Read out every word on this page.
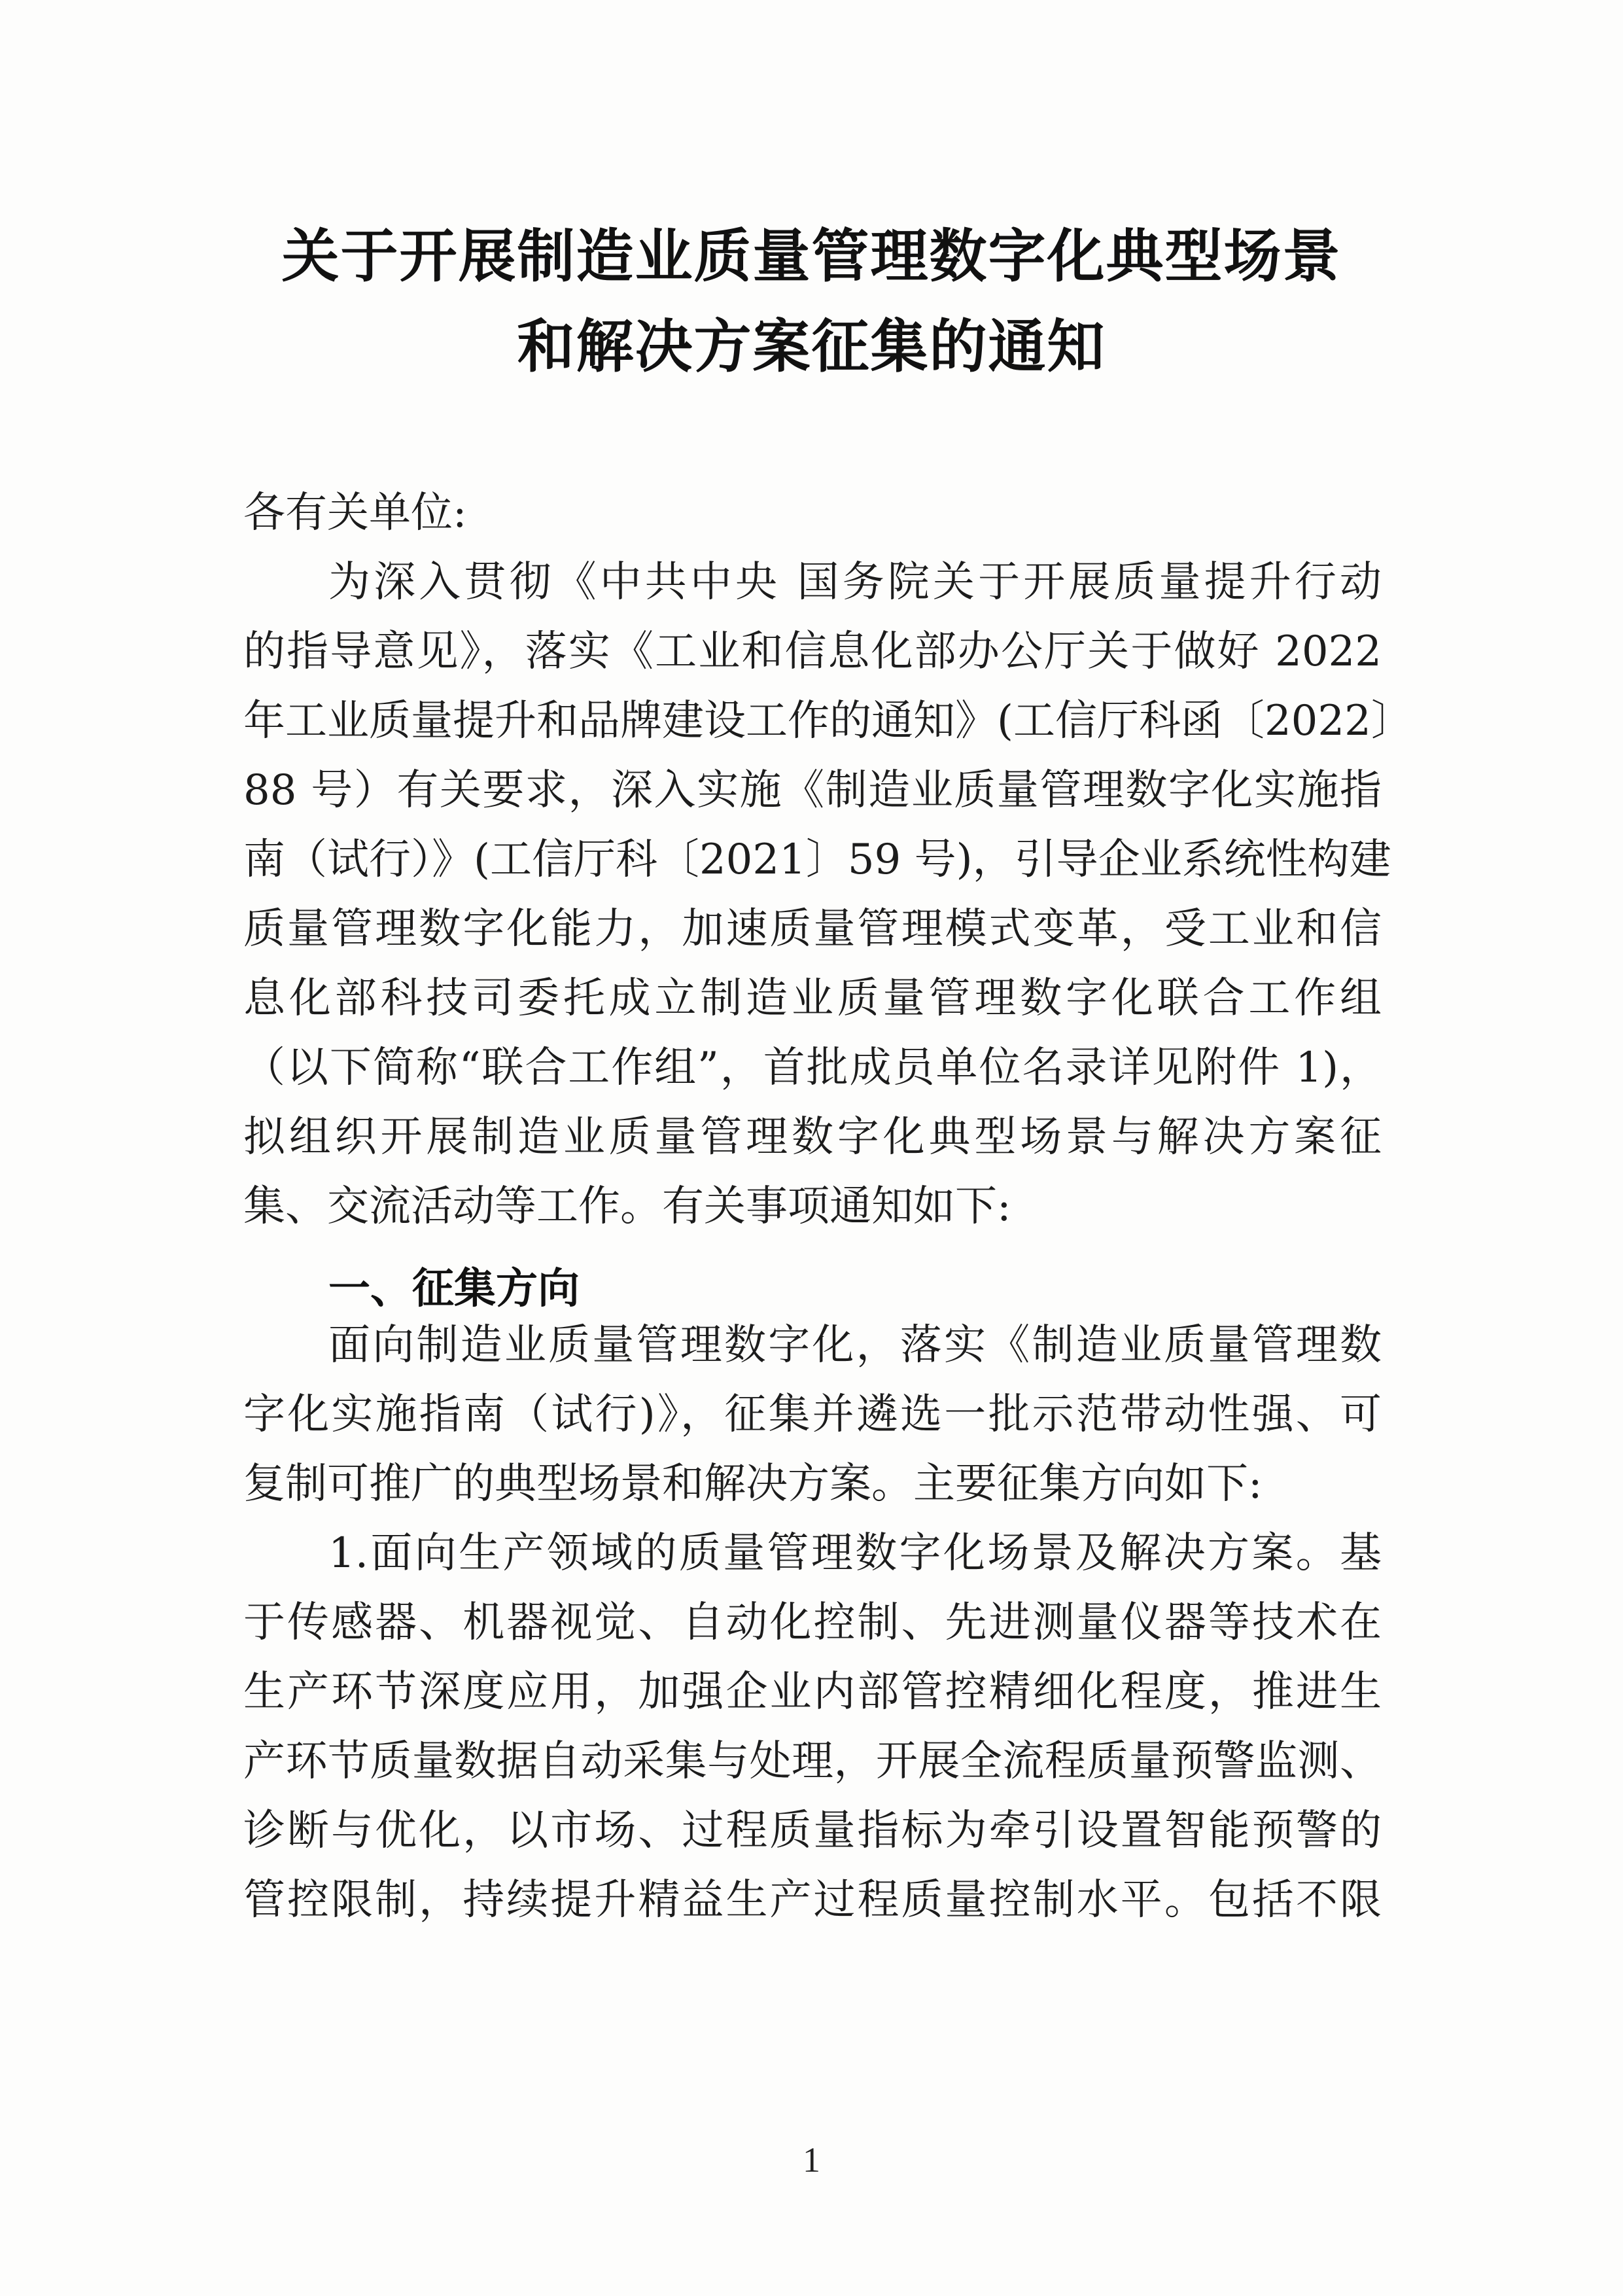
关于开展制造业质量管理数字化典型场景
和解决方案征集的通知
各有关单位:
为深入贯彻《中共中央 国务院关于开展质量提升行动
的指导意见》，落实《工业和信息化部办公厅关于做好 2022
年工业质量提升和品牌建设工作的通知》(工信厅科函〔2022〕
88 号）有关要求，深入实施《制造业质量管理数字化实施指
南（试行）》(工信厅科〔2021〕59 号)，引导企业系统性构建
质量管理数字化能力，加速质量管理模式变革，受工业和信
息化部科技司委托成立制造业质量管理数字化联合工作组
（以下简称“联合工作组”，首批成员单位名录详见附件 1)，
拟组织开展制造业质量管理数字化典型场景与解决方案征
集、交流活动等工作。有关事项通知如下:
一、征集方向
面向制造业质量管理数字化，落实《制造业质量管理数
字化实施指南（试行)》，征集并遴选一批示范带动性强、可
复制可推广的典型场景和解决方案。主要征集方向如下:
1.面向生产领域的质量管理数字化场景及解决方案。基
于传感器、机器视觉、自动化控制、先进测量仪器等技术在
生产环节深度应用，加强企业内部管控精细化程度，推进生
产环节质量数据自动采集与处理，开展全流程质量预警监测、
诊断与优化，以市场、过程质量指标为牵引设置智能预警的
管控限制，持续提升精益生产过程质量控制水平。包括不限
1
